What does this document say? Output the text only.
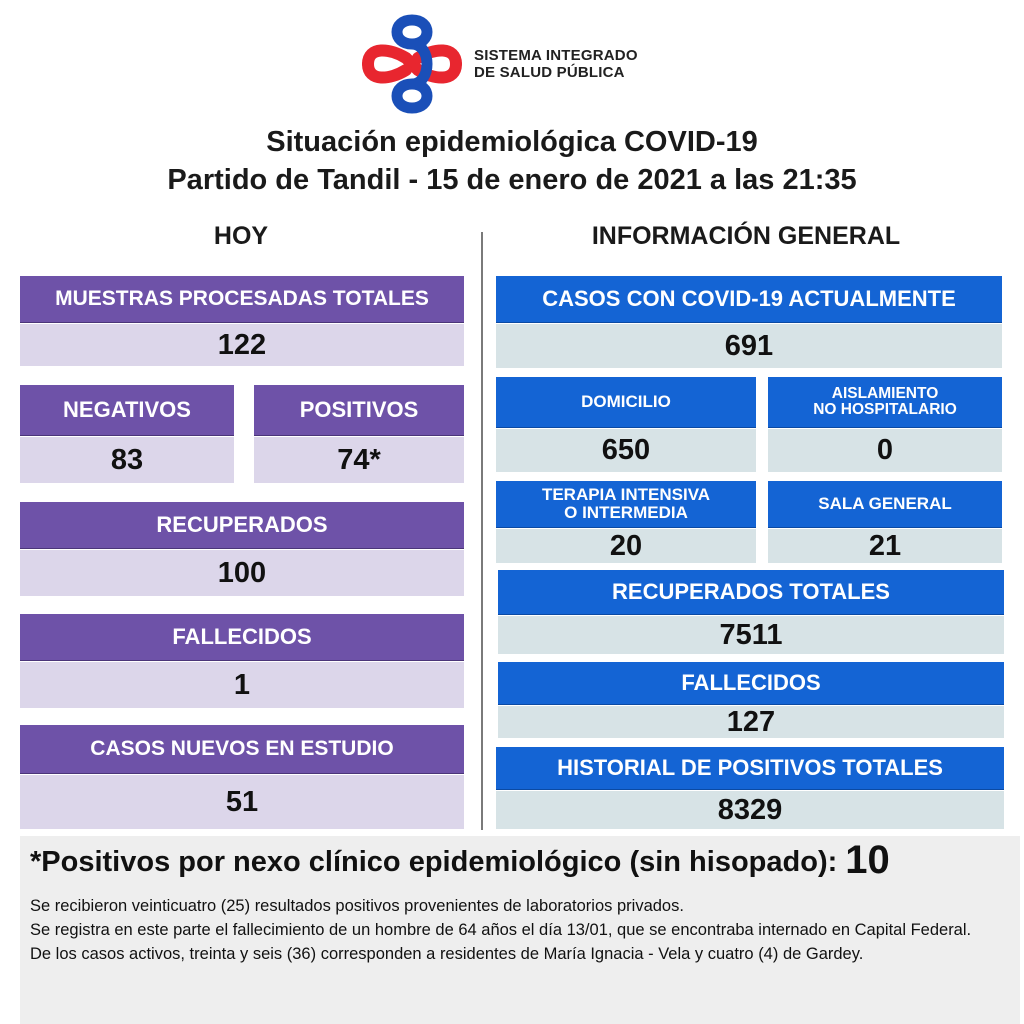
SISTEMA INTEGRADO
DE SALUD PÚBLICA
Situación epidemiológica COVID-19
Partido de Tandil - 15 de enero de 2021 a las 21:35
HOY	INFORMACIÓN GENERAL
MUESTRAS PROCESADAS TOTALES
122
NEGATIVOS
83
POSITIVOS
74*
RECUPERADOS
100
FALLECIDOS
1
CASOS NUEVOS EN ESTUDIO
51
CASOS CON COVID-19 ACTUALMENTE
691
DOMICILIO
650
AISLAMIENTO
NO HOSPITALARIO
0
TERAPIA INTENSIVA
O INTERMEDIA
20
SALA GENERAL
21
RECUPERADOS TOTALES
7511
FALLECIDOS
127
HISTORIAL DE POSITIVOS TOTALES
8329
*Positivos por nexo clínico epidemiológico (sin hisopado): 10

Se recibieron veinticuatro (25) resultados positivos provenientes de laboratorios privados.

Se registra en este parte el fallecimiento de un hombre de 64 años el día 13/01, que se encontraba internado en Capital Federal.

De los casos activos, treinta y seis (36) corresponden a residentes de María Ignacia - Vela y cuatro (4) de Gardey.
